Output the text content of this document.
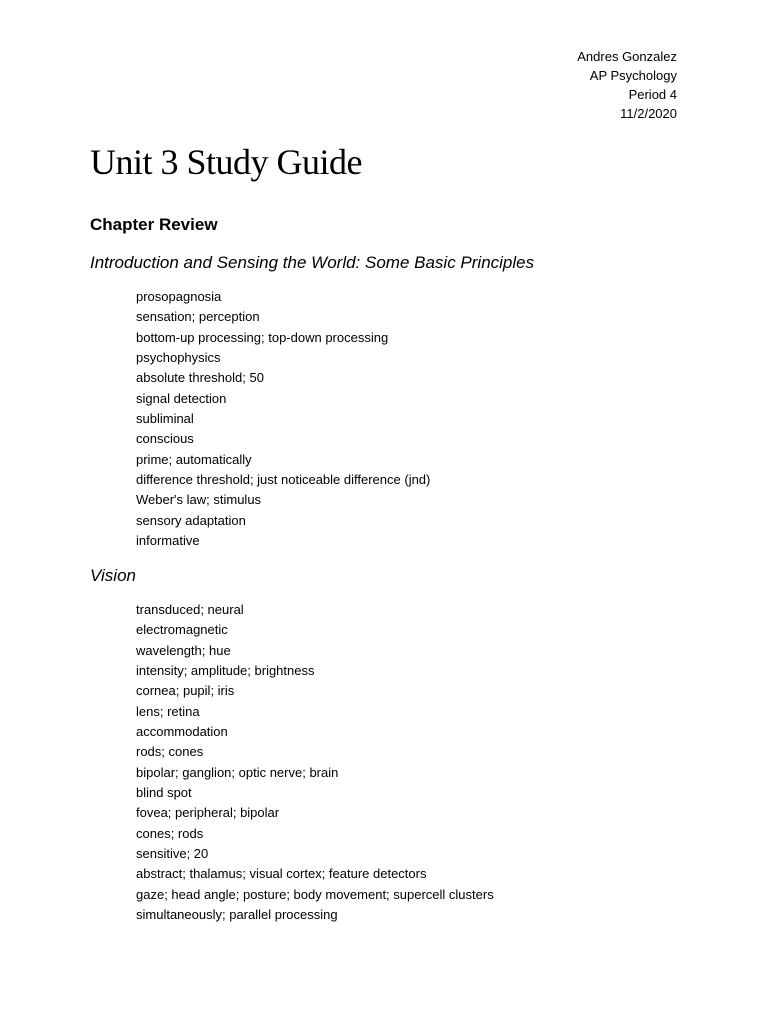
Andres Gonzalez
AP Psychology
Period 4
11/2/2020
Unit 3 Study Guide
Chapter Review
Introduction and Sensing the World: Some Basic Principles
prosopagnosia
sensation; perception
bottom-up processing; top-down processing
psychophysics
absolute threshold; 50
signal detection
subliminal
conscious
prime; automatically
difference threshold; just noticeable difference (jnd)
Weber's law; stimulus
sensory adaptation
informative
Vision
transduced; neural
electromagnetic
wavelength; hue
intensity; amplitude; brightness
cornea; pupil; iris
lens; retina
accommodation
rods; cones
bipolar; ganglion; optic nerve; brain
blind spot
fovea; peripheral; bipolar
cones; rods
sensitive; 20
abstract; thalamus; visual cortex; feature detectors
gaze; head angle; posture; body movement; supercell clusters
simultaneously; parallel processing
